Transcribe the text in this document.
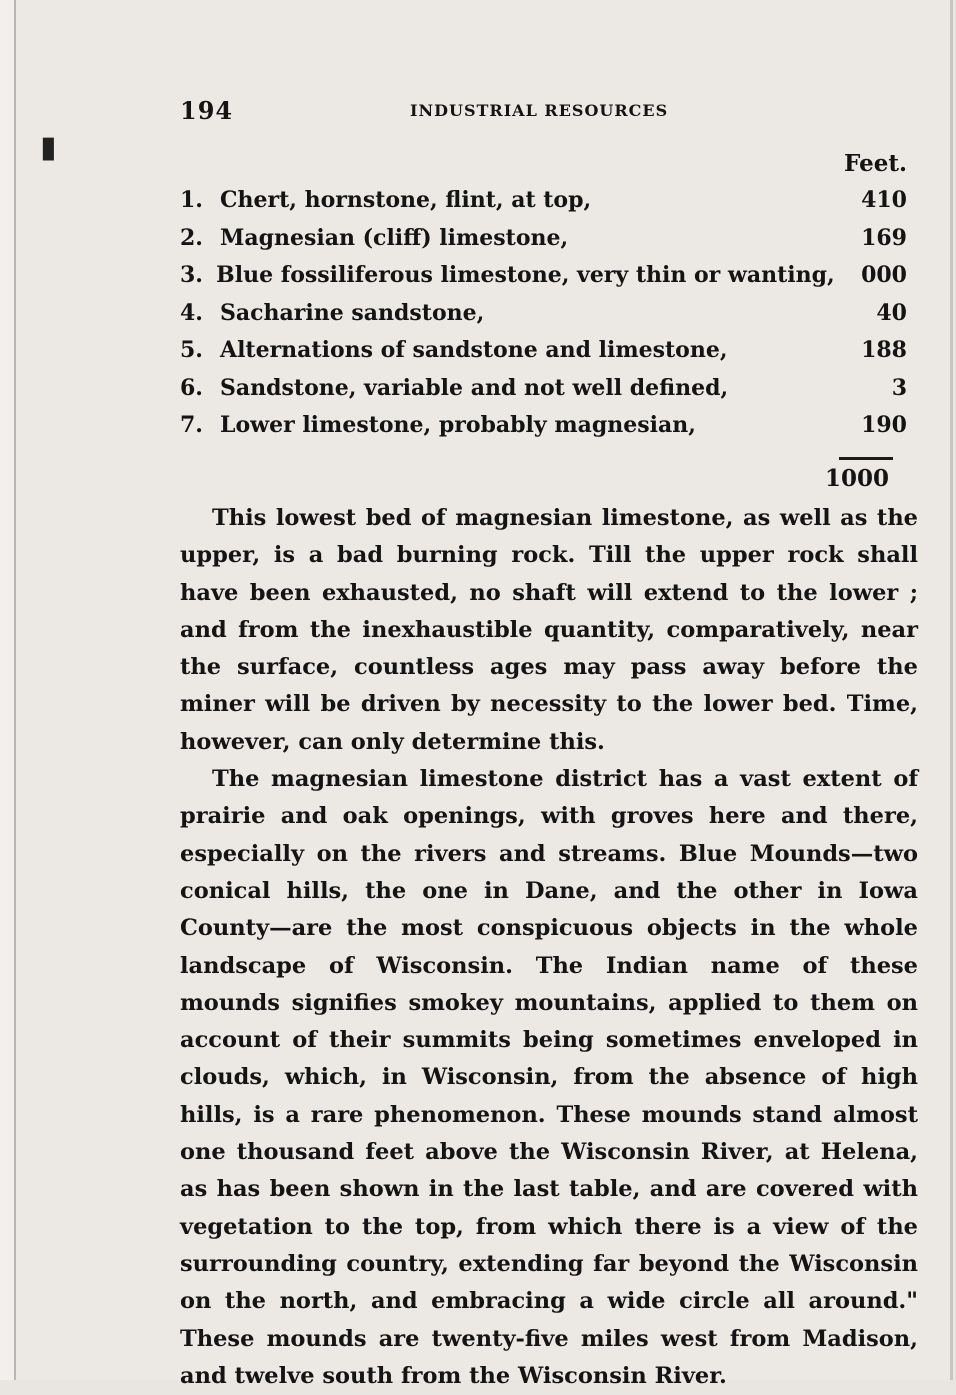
194	INDUSTRIAL RESOURCES
Feet.
1. Chert, hornstone, flint, at top,	410
2. Magnesian (cliff) limestone,	169
3. Blue fossiliferous limestone, very thin or wanting,	000
4. Sacharine sandstone,	40
5. Alternations of sandstone and limestone,	188
6. Sandstone, variable and not well defined,	3
7. Lower limestone, probably magnesian,	190
1000

This lowest bed of magnesian limestone, as well as the upper, is a bad burning rock. Till the upper rock shall have been exhausted, no shaft will extend to the lower ; and from the inexhaustible quantity, comparatively, near the surface, countless ages may pass away before the miner will be driven by necessity to the lower bed. Time, however, can only determine this.

The magnesian limestone district has a vast extent of prairie and oak openings, with groves here and there, especially on the rivers and streams. Blue Mounds—two conical hills, the one in Dane, and the other in Iowa County—are the most conspicuous objects in the whole landscape of Wisconsin. The Indian name of these mounds signifies smokey mountains, applied to them on account of their summits being sometimes enveloped in clouds, which, in Wisconsin, from the absence of high hills, is a rare phenomenon. These mounds stand almost one thousand feet above the Wisconsin River, at Helena, as has been shown in the last table, and are covered with vegetation to the top, from which there is a view of the surrounding country, extending far beyond the Wisconsin on the north, and embracing a wide circle all around." These mounds are twenty-five miles west from Madison, and twelve south from the Wisconsin River.

▮
